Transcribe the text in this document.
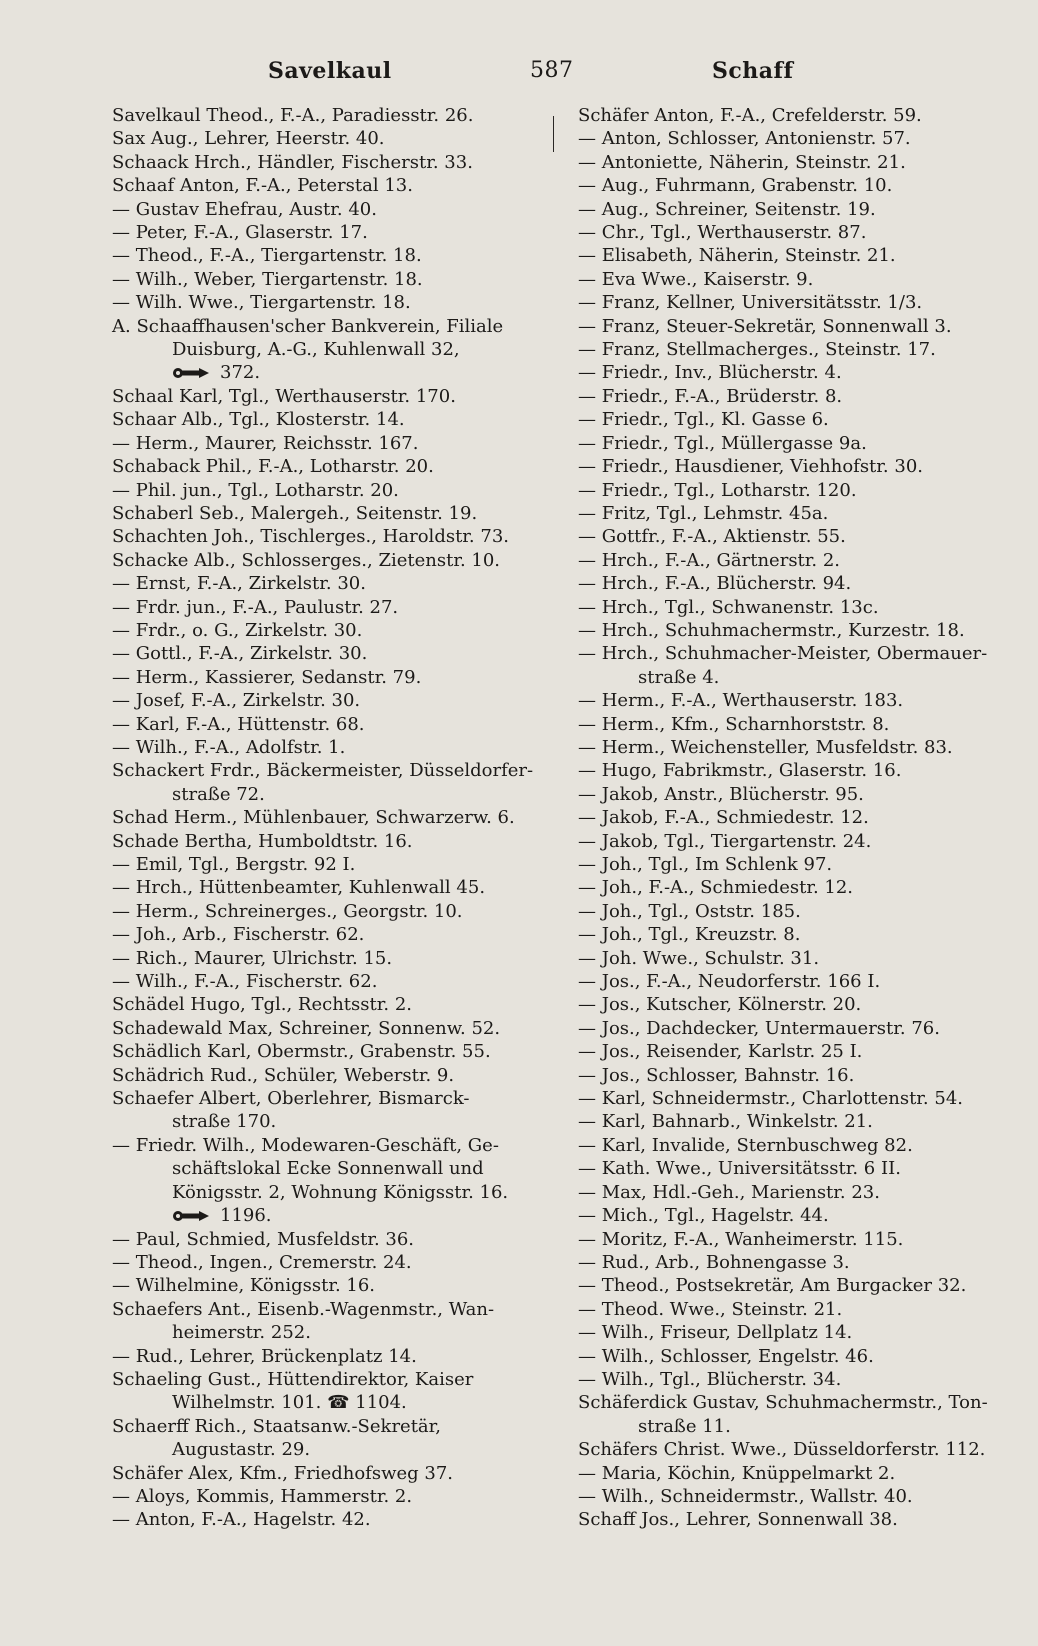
Savelkaul	587	Schaff
Savelkaul Theod., F.-A., Paradiesstr. 26.
Sax Aug., Lehrer, Heerstr. 40.
Schaack Hrch., Händler, Fischerstr. 33.
Schaaf Anton, F.-A., Peterstal 13.
— Gustav Ehefrau, Austr. 40.
— Peter, F.-A., Glaserstr. 17.
— Theod., F.-A., Tiergartenstr. 18.
— Wilh., Weber, Tiergartenstr. 18.
— Wilh. Wwe., Tiergartenstr. 18.
A. Schaaffhausen'scher Bankverein, Filiale
Duisburg, A.-G., Kuhlenwall 32,
372.
Schaal Karl, Tgl., Werthauserstr. 170.
Schaar Alb., Tgl., Klosterstr. 14.
— Herm., Maurer, Reichsstr. 167.
Schaback Phil., F.-A., Lotharstr. 20.
— Phil. jun., Tgl., Lotharstr. 20.
Schaberl Seb., Malergeh., Seitenstr. 19.
Schachten Joh., Tischlerges., Haroldstr. 73.
Schacke Alb., Schlosserges., Zietenstr. 10.
— Ernst, F.-A., Zirkelstr. 30.
— Frdr. jun., F.-A., Paulustr. 27.
— Frdr., o. G., Zirkelstr. 30.
— Gottl., F.-A., Zirkelstr. 30.
— Herm., Kassierer, Sedanstr. 79.
— Josef, F.-A., Zirkelstr. 30.
— Karl, F.-A., Hüttenstr. 68.
— Wilh., F.-A., Adolfstr. 1.
Schackert Frdr., Bäckermeister, Düsseldorfer-
straße 72.
Schad Herm., Mühlenbauer, Schwarzerw. 6.
Schade Bertha, Humboldtstr. 16.
— Emil, Tgl., Bergstr. 92 I.
— Hrch., Hüttenbeamter, Kuhlenwall 45.
— Herm., Schreinerges., Georgstr. 10.
— Joh., Arb., Fischerstr. 62.
— Rich., Maurer, Ulrichstr. 15.
— Wilh., F.-A., Fischerstr. 62.
Schädel Hugo, Tgl., Rechtsstr. 2.
Schadewald Max, Schreiner, Sonnenw. 52.
Schädlich Karl, Obermstr., Grabenstr. 55.
Schädrich Rud., Schüler, Weberstr. 9.
Schaefer Albert, Oberlehrer, Bismarck-
straße 170.
— Friedr. Wilh., Modewaren-Geschäft, Ge-
schäftslokal Ecke Sonnenwall und
Königsstr. 2, Wohnung Königsstr. 16.
1196.
— Paul, Schmied, Musfeldstr. 36.
— Theod., Ingen., Cremerstr. 24.
— Wilhelmine, Königsstr. 16.
Schaefers Ant., Eisenb.-Wagenmstr., Wan-
heimerstr. 252.
— Rud., Lehrer, Brückenplatz 14.
Schaeling Gust., Hüttendirektor, Kaiser
Wilhelmstr. 101. ☎ 1104.
Schaerff Rich., Staatsanw.-Sekretär,
Augustastr. 29.
Schäfer Alex, Kfm., Friedhofsweg 37.
— Aloys, Kommis, Hammerstr. 2.
— Anton, F.-A., Hagelstr. 42.
Schäfer Anton, F.-A., Crefelderstr. 59.
— Anton, Schlosser, Antonienstr. 57.
— Antoniette, Näherin, Steinstr. 21.
— Aug., Fuhrmann, Grabenstr. 10.
— Aug., Schreiner, Seitenstr. 19.
— Chr., Tgl., Werthauserstr. 87.
— Elisabeth, Näherin, Steinstr. 21.
— Eva Wwe., Kaiserstr. 9.
— Franz, Kellner, Universitätsstr. 1/3.
— Franz, Steuer-Sekretär, Sonnenwall 3.
— Franz, Stellmacherges., Steinstr. 17.
— Friedr., Inv., Blücherstr. 4.
— Friedr., F.-A., Brüderstr. 8.
— Friedr., Tgl., Kl. Gasse 6.
— Friedr., Tgl., Müllergasse 9a.
— Friedr., Hausdiener, Viehhofstr. 30.
— Friedr., Tgl., Lotharstr. 120.
— Fritz, Tgl., Lehmstr. 45a.
— Gottfr., F.-A., Aktienstr. 55.
— Hrch., F.-A., Gärtnerstr. 2.
— Hrch., F.-A., Blücherstr. 94.
— Hrch., Tgl., Schwanenstr. 13c.
— Hrch., Schuhmachermstr., Kurzestr. 18.
— Hrch., Schuhmacher-Meister, Obermauer-
straße 4.
— Herm., F.-A., Werthauserstr. 183.
— Herm., Kfm., Scharnhorststr. 8.
— Herm., Weichensteller, Musfeldstr. 83.
— Hugo, Fabrikmstr., Glaserstr. 16.
— Jakob, Anstr., Blücherstr. 95.
— Jakob, F.-A., Schmiedestr. 12.
— Jakob, Tgl., Tiergartenstr. 24.
— Joh., Tgl., Im Schlenk 97.
— Joh., F.-A., Schmiedestr. 12.
— Joh., Tgl., Oststr. 185.
— Joh., Tgl., Kreuzstr. 8.
— Joh. Wwe., Schulstr. 31.
— Jos., F.-A., Neudorferstr. 166 I.
— Jos., Kutscher, Kölnerstr. 20.
— Jos., Dachdecker, Untermauerstr. 76.
— Jos., Reisender, Karlstr. 25 I.
— Jos., Schlosser, Bahnstr. 16.
— Karl, Schneidermstr., Charlottenstr. 54.
— Karl, Bahnarb., Winkelstr. 21.
— Karl, Invalide, Sternbuschweg 82.
— Kath. Wwe., Universitätsstr. 6 II.
— Max, Hdl.-Geh., Marienstr. 23.
— Mich., Tgl., Hagelstr. 44.
— Moritz, F.-A., Wanheimerstr. 115.
— Rud., Arb., Bohnengasse 3.
— Theod., Postsekretär, Am Burgacker 32.
— Theod. Wwe., Steinstr. 21.
— Wilh., Friseur, Dellplatz 14.
— Wilh., Schlosser, Engelstr. 46.
— Wilh., Tgl., Blücherstr. 34.
Schäferdick Gustav, Schuhmachermstr., Ton-
straße 11.
Schäfers Christ. Wwe., Düsseldorferstr. 112.
— Maria, Köchin, Knüppelmarkt 2.
— Wilh., Schneidermstr., Wallstr. 40.
Schaff Jos., Lehrer, Sonnenwall 38.
